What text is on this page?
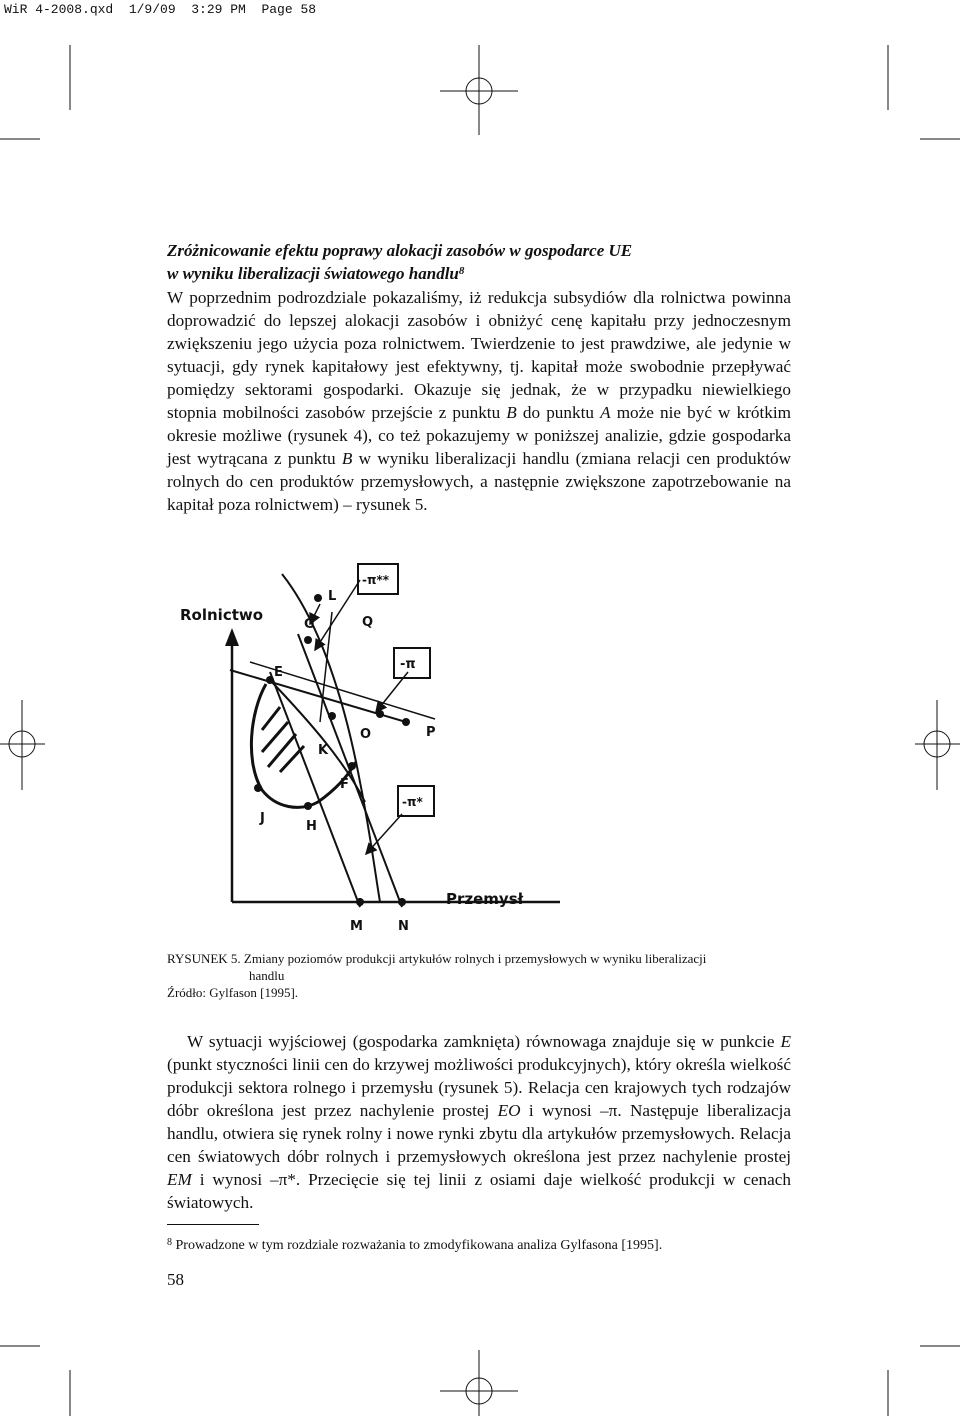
WiR 4-2008.qxd  1/9/09  3:29 PM  Page 58
Zróżnicowanie efektu poprawy alokacji zasobów w gospodarce UE
w wyniku liberalizacji światowego handlu$^8$
W poprzednim podrozdziale pokazaliśmy, iż redukcja subsydiów dla rolnictwa powinna doprowadzić do lepszej alokacji zasobów i obniżyć cenę kapitału przy jednoczesnym zwiększeniu jego użycia poza rolnictwem. Twierdzenie to jest prawdziwe, ale jedynie w sytuacji, gdy rynek kapitałowy jest efektywny, tj. kapitał może swobodnie przepływać pomiędzy sektorami gospodarki. Okazuje się jednak, że w przypadku niewielkiego stopnia mobilności zasobów przejście z punktu B do punktu A może nie być w krótkim okresie możliwe (rysunek 4), co też pokazujemy w poniższej analizie, gdzie gospodarka jest wytrącana z punktu B w wyniku liberalizacji handlu (zmiana relacji cen produktów rolnych do cen produktów przemysłowych, a następnie zwiększone zapotrzebowanie na kapitał poza rolnictwem) – rysunek 5.
Rolnictwo
Przemysł
E
G
L
Q
K
O	P
F
H
J
M	N
-π**
-π
-π*
RYSUNEK 5. Zmiany poziomów produkcji artykułów rolnych i przemysłowych w wyniku liberalizacji
handlu
Źródło: Gylfason [1995].
W sytuacji wyjściowej (gospodarka zamknięta) równowaga znajduje się w punkcie E (punkt styczności linii cen do krzywej możliwości produkcyjnych), który określa wielkość produkcji sektora rolnego i przemysłu (rysunek 5). Relacja cen krajowych tych rodzajów dóbr określona jest przez nachylenie prostej EO i wynosi –π. Następuje liberalizacja handlu, otwiera się rynek rolny i nowe rynki zbytu dla artykułów przemysłowych. Relacja cen światowych dóbr rolnych i przemysłowych określona jest przez nachylenie prostej EM i wynosi –π*. Przecięcie się tej linii z osiami daje wielkość produkcji w cenach światowych.
$^8$ Prowadzone w tym rozdziale rozważania to zmodyfikowana analiza Gylfasona [1995].
58
